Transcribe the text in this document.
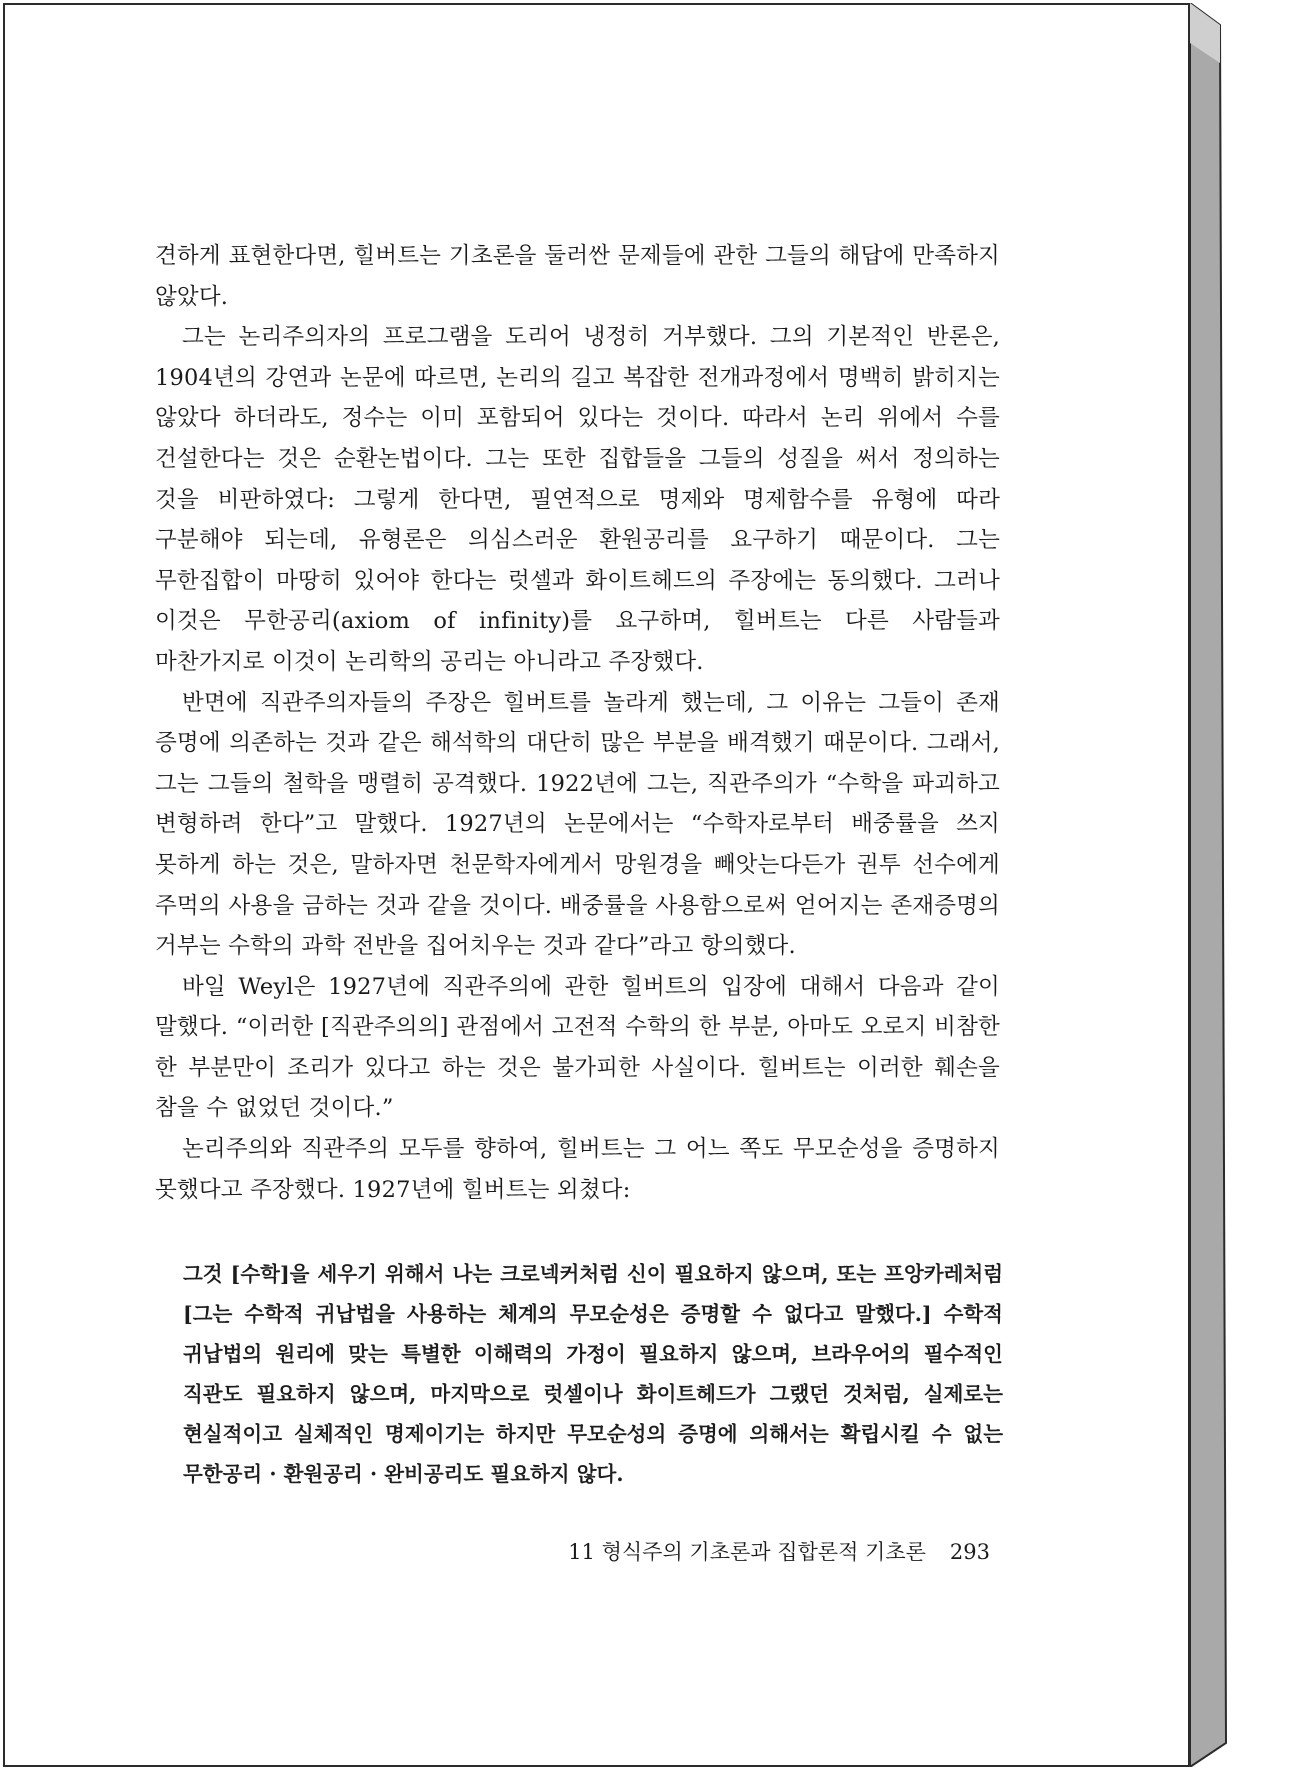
견하게 표현한다면, 힐버트는 기초론을 둘러싼 문제들에 관한 그들의 해답에 만족하지 않았다.

그는 논리주의자의 프로그램을 도리어 냉정히 거부했다. 그의 기본적인 반론은, 1904년의 강연과 논문에 따르면, 논리의 길고 복잡한 전개과정에서 명백히 밝히지는 않았다 하더라도, 정수는 이미 포함되어 있다는 것이다. 따라서 논리 위에서 수를 건설한다는 것은 순환논법이다. 그는 또한 집합들을 그들의 성질을 써서 정의하는 것을 비판하였다: 그렇게 한다면, 필연적으로 명제와 명제함수를 유형에 따라 구분해야 되는데, 유형론은 의심스러운 환원공리를 요구하기 때문이다. 그는 무한집합이 마땅히 있어야 한다는 럿셀과 화이트헤드의 주장에는 동의했다. 그러나 이것은 무한공리(axiom of infinity)를 요구하며, 힐버트는 다른 사람들과 마찬가지로 이것이 논리학의 공리는 아니라고 주장했다.

반면에 직관주의자들의 주장은 힐버트를 놀라게 했는데, 그 이유는 그들이 존재 증명에 의존하는 것과 같은 해석학의 대단히 많은 부분을 배격했기 때문이다. 그래서, 그는 그들의 철학을 맹렬히 공격했다. 1922년에 그는, 직관주의가 “수학을 파괴하고 변형하려 한다”고 말했다. 1927년의 논문에서는 “수학자로부터 배중률을 쓰지 못하게 하는 것은, 말하자면 천문학자에게서 망원경을 빼앗는다든가 권투 선수에게 주먹의 사용을 금하는 것과 같을 것이다. 배중률을 사용함으로써 얻어지는 존재증명의 거부는 수학의 과학 전반을 집어치우는 것과 같다”라고 항의했다.

바일 Weyl은 1927년에 직관주의에 관한 힐버트의 입장에 대해서 다음과 같이 말했다. “이러한 [직관주의의] 관점에서 고전적 수학의 한 부분, 아마도 오로지 비참한 한 부분만이 조리가 있다고 하는 것은 불가피한 사실이다. 힐버트는 이러한 훼손을 참을 수 없었던 것이다.”

논리주의와 직관주의 모두를 향하여, 힐버트는 그 어느 쪽도 무모순성을 증명하지 못했다고 주장했다. 1927년에 힐버트는 외쳤다:

그것 [수학]을 세우기 위해서 나는 크로넥커처럼 신이 필요하지 않으며, 또는 프앙카레처럼 [그는 수학적 귀납법을 사용하는 체계의 무모순성은 증명할 수 없다고 말했다.] 수학적 귀납법의 원리에 맞는 특별한 이해력의 가정이 필요하지 않으며, 브라우어의 필수적인 직관도 필요하지 않으며, 마지막으로 럿셀이나 화이트헤드가 그랬던 것처럼, 실제로는 현실적이고 실체적인 명제이기는 하지만 무모순성의 증명에 의해서는 확립시킬 수 없는 무한공리 · 환원공리 · 완비공리도 필요하지 않다.

11 형식주의 기초론과 집합론적 기초론 293
